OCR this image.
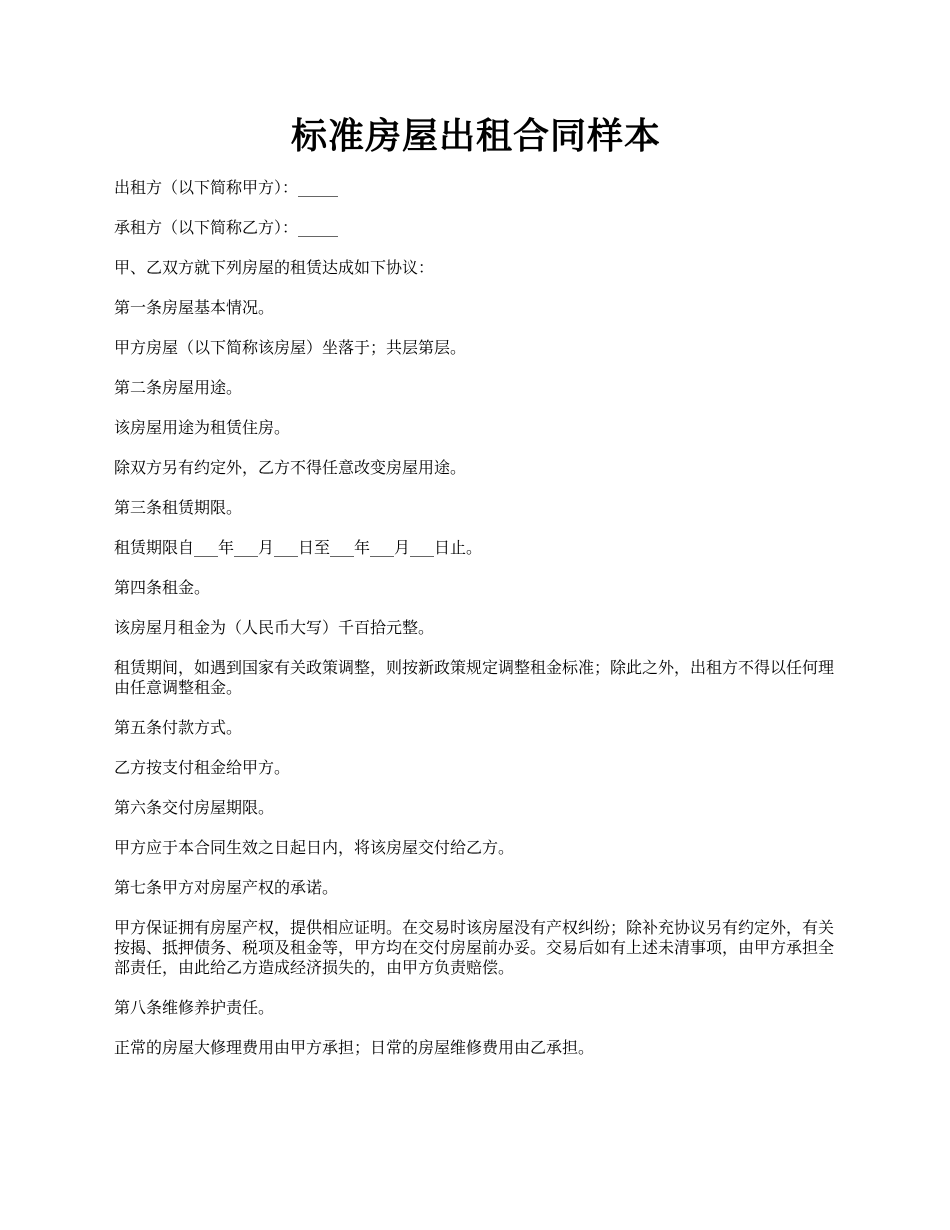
标准房屋出租合同样本

出租方（以下简称甲方）：_____

承租方（以下简称乙方）：_____

甲、乙双方就下列房屋的租赁达成如下协议：

第一条房屋基本情况。

甲方房屋（以下简称该房屋）坐落于；共层第层。

第二条房屋用途。

该房屋用途为租赁住房。

除双方另有约定外，乙方不得任意改变房屋用途。

第三条租赁期限。

租赁期限自___年___月___日至___年___月___日止。

第四条租金。

该房屋月租金为（人民币大写）千百拾元整。

租赁期间，如遇到国家有关政策调整，则按新政策规定调整租金标准；除此之外，出租方不得以任何理由任意调整租金。

第五条付款方式。

乙方按支付租金给甲方。

第六条交付房屋期限。

甲方应于本合同生效之日起日内，将该房屋交付给乙方。

第七条甲方对房屋产权的承诺。

甲方保证拥有房屋产权，提供相应证明。在交易时该房屋没有产权纠纷；除补充协议另有约定外，有关按揭、抵押债务、税项及租金等，甲方均在交付房屋前办妥。交易后如有上述未清事项，由甲方承担全部责任，由此给乙方造成经济损失的，由甲方负责赔偿。

第八条维修养护责任。

正常的房屋大修理费用由甲方承担；日常的房屋维修费用由乙承担。
